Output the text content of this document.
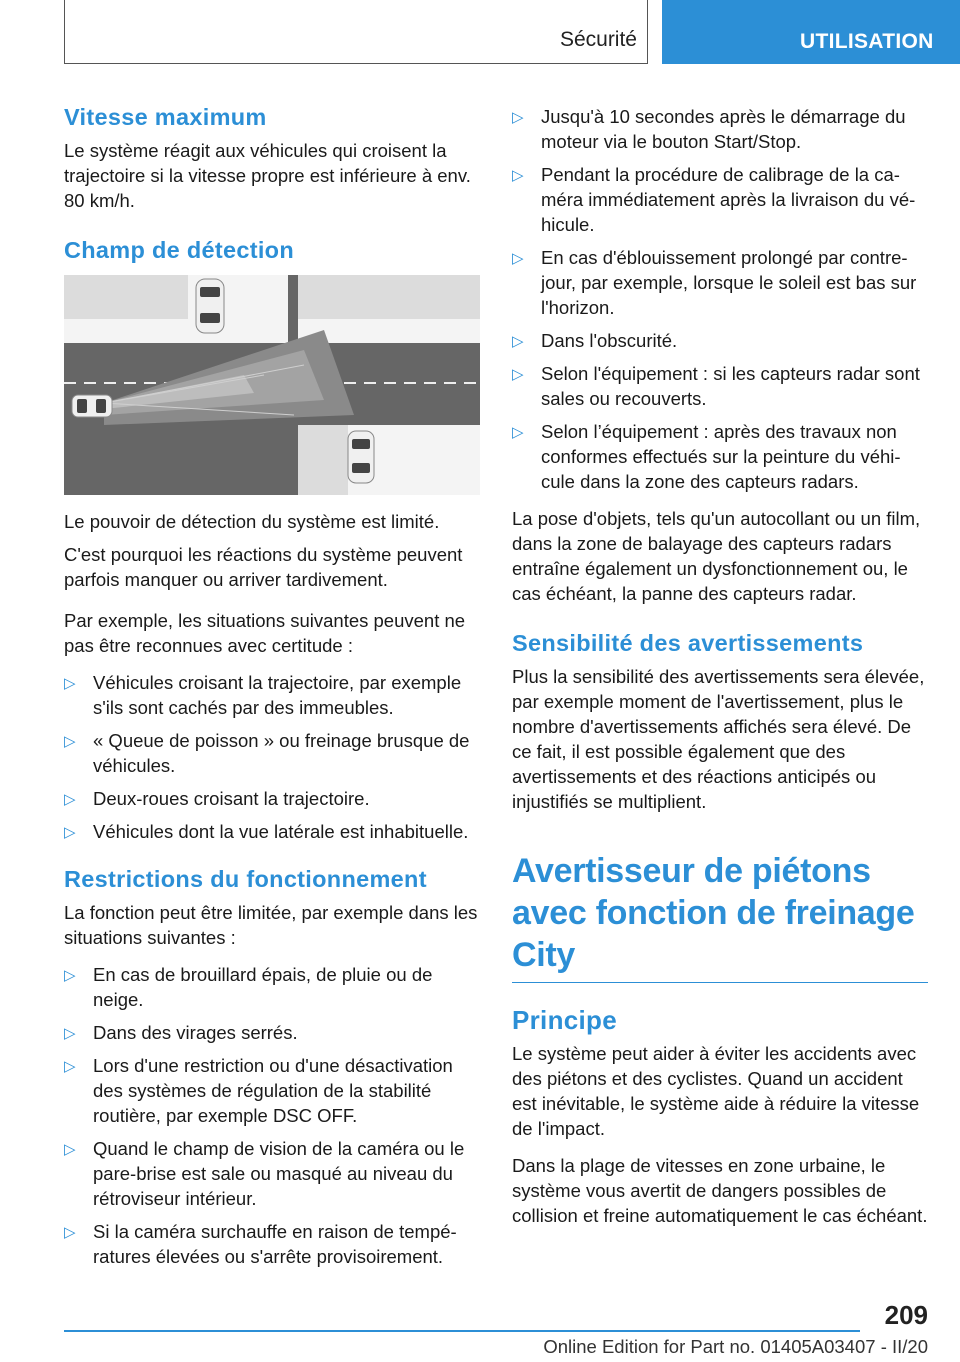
Sécurité	UTILISATION
Vitesse maximum

Le système réagit aux véhicules qui croisent la trajectoire si la vitesse propre est inférieure à env. 80 km/h.

Champ de détection

Le pouvoir de détection du système est limité.

C'est pourquoi les réactions du système peuvent parfois manquer ou arriver tardivement.

Par exemple, les situations suivantes peuvent ne pas être reconnues avec certitude :

▷ Véhicules croisant la trajectoire, par exemple s'ils sont cachés par des immeubles.
▷ « Queue de poisson » ou freinage brusque de véhicules.
▷ Deux-roues croisant la trajectoire.
▷ Véhicules dont la vue latérale est inhabituelle.
Restrictions du fonctionnement

La fonction peut être limitée, par exemple dans les situations suivantes :

▷ En cas de brouillard épais, de pluie ou de neige.
▷ Dans des virages serrés.
▷ Lors d'une restriction ou d'une désactivation des systèmes de régulation de la stabilité routière, par exemple DSC OFF.
▷ Quand le champ de vision de la caméra ou le pare-brise est sale ou masqué au niveau du rétroviseur intérieur.
▷ Si la caméra surchauffe en raison de températures élevées ou s'arrête provisoirement.
▷ Jusqu'à 10 secondes après le démarrage du moteur via le bouton Start/Stop.
▷ Pendant la procédure de calibrage de la caméra immédiatement après la livraison du véhicule.
▷ En cas d'éblouissement prolongé par contrejour, par exemple, lorsque le soleil est bas sur l'horizon.
▷ Dans l'obscurité.
▷ Selon l'équipement : si les capteurs radar sont sales ou recouverts.
▷ Selon l’équipement : après des travaux non conformes effectués sur la peinture du véhicule dans la zone des capteurs radars.

La pose d'objets, tels qu'un autocollant ou un film, dans la zone de balayage des capteurs radars entraîne également un dysfonctionnement ou, le cas échéant, la panne des capteurs radar.

Sensibilité des avertissements

Plus la sensibilité des avertissements sera élevée, par exemple moment de l'avertissement, plus le nombre d'avertissements affichés sera élevé. De ce fait, il est possible également que des avertissements et des réactions anticipés ou injustifiés se multiplient.

Avertisseur de piétons avec fonction de freinage City
Principe

Le système peut aider à éviter les accidents avec des piétons et des cyclistes. Quand un accident est inévitable, le système aide à réduire la vitesse de l'impact.

Dans la plage de vitesses en zone urbaine, le système vous avertit de dangers possibles de collision et freine automatiquement le cas échéant.

209
Online Edition for Part no. 01405A03407 - II/20
